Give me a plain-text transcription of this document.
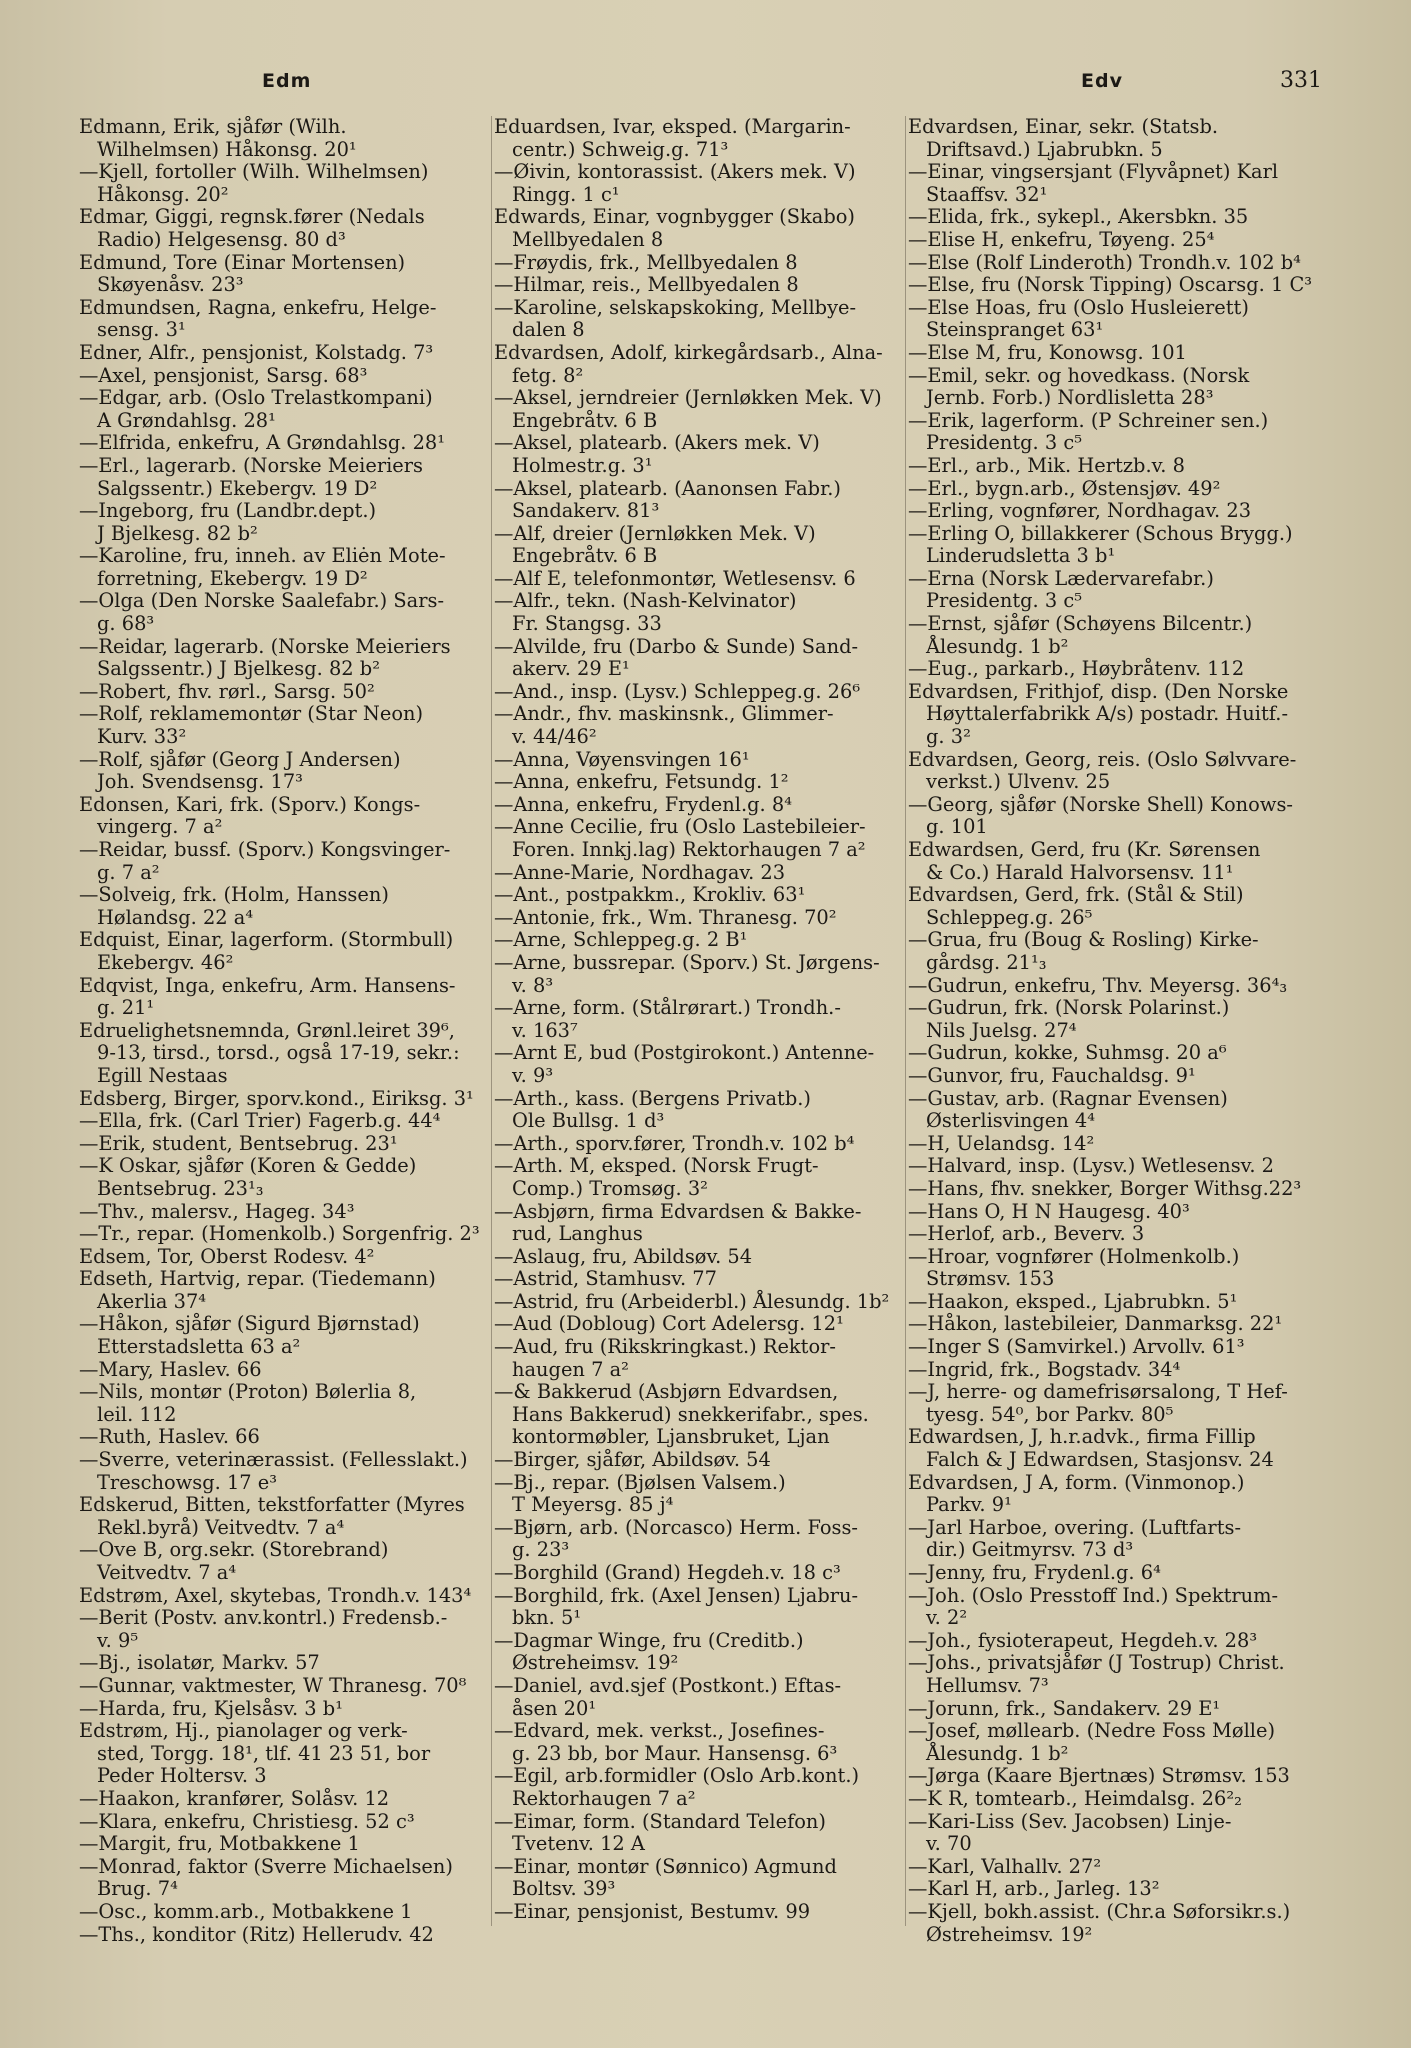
Edm	Edv	331
Edmann, Erik, sjåfør (Wilh.
Wilhelmsen) Håkonsg. 20¹
—Kjell, fortoller (Wilh. Wilhelmsen)
Håkonsg. 20²
Edmar, Giggi, regnsk.fører (Nedals
Radio) Helgesensg. 80 d³
Edmund, Tore (Einar Mortensen)
Skøyenåsv. 23³
Edmundsen, Ragna, enkefru, Helge-
sensg. 3¹
Edner, Alfr., pensjonist, Kolstadg. 7³
—Axel, pensjonist, Sarsg. 68³
—Edgar, arb. (Oslo Trelastkompani)
A Grøndahlsg. 28¹
—Elfrida, enkefru, A Grøndahlsg. 28¹
—Erl., lagerarb. (Norske Meieriers
Salgssentr.) Ekebergv. 19 D²
—Ingeborg, fru (Landbr.dept.)
J Bjelkesg. 82 b²
—Karoline, fru, inneh. av Eliėn Mote-
forretning, Ekebergv. 19 D²
—Olga (Den Norske Saalefabr.) Sars-
g. 68³
—Reidar, lagerarb. (Norske Meieriers
Salgssentr.) J Bjelkesg. 82 b²
—Robert, fhv. rørl., Sarsg. 50²
—Rolf, reklamemontør (Star Neon)
Kurv. 33²
—Rolf, sjåfør (Georg J Andersen)
Joh. Svendsensg. 17³
Edonsen, Kari, frk. (Sporv.) Kongs-
vingerg. 7 a²
—Reidar, bussf. (Sporv.) Kongsvinger-
g. 7 a²
—Solveig, frk. (Holm, Hanssen)
Hølandsg. 22 a⁴
Edquist, Einar, lagerform. (Stormbull)
Ekebergv. 46²
Edqvist, Inga, enkefru, Arm. Hansens-
g. 21¹
Edruelighetsnemnda, Grønl.leiret 39⁶,
9-13, tirsd., torsd., også 17-19, sekr.:
Egill Nestaas
Edsberg, Birger, sporv.kond., Eiriksg. 3¹
—Ella, frk. (Carl Trier) Fagerb.g. 44⁴
—Erik, student, Bentsebrug. 23¹
—K Oskar, sjåfør (Koren & Gedde)
Bentsebrug. 23¹₃
—Thv., malersv., Hageg. 34³
—Tr., repar. (Homenkolb.) Sorgenfrig. 2³
Edsem, Tor, Oberst Rodesv. 4²
Edseth, Hartvig, repar. (Tiedemann)
Akerlia 37⁴
—Håkon, sjåfør (Sigurd Bjørnstad)
Etterstadsletta 63 a²
—Mary, Haslev. 66
—Nils, montør (Proton) Bølerlia 8,
leil. 112
—Ruth, Haslev. 66
—Sverre, veterinærassist. (Fellesslakt.)
Treschowsg. 17 e³
Edskerud, Bitten, tekstforfatter (Myres
Rekl.byrå) Veitvedtv. 7 a⁴
—Ove B, org.sekr. (Storebrand)
Veitvedtv. 7 a⁴
Edstrøm, Axel, skytebas, Trondh.v. 143⁴
—Berit (Postv. anv.kontrl.) Fredensb.-
v. 9⁵
—Bj., isolatør, Markv. 57
—Gunnar, vaktmester, W Thranesg. 70⁸
—Harda, fru, Kjelsåsv. 3 b¹
Edstrøm, Hj., pianolager og verk-
sted, Torgg. 18¹, tlf. 41 23 51, bor
Peder Holtersv. 3
—Haakon, kranfører, Solåsv. 12
—Klara, enkefru, Christiesg. 52 c³
—Margit, fru, Motbakkene 1
—Monrad, faktor (Sverre Michaelsen)
Brug. 7⁴
—Osc., komm.arb., Motbakkene 1
—Ths., konditor (Ritz) Hellerudv. 42
Eduardsen, Ivar, eksped. (Margarin-
centr.) Schweig.g. 71³
—Øivin, kontorassist. (Akers mek. V)
Ringg. 1 c¹
Edwards, Einar, vognbygger (Skabo)
Mellbyedalen 8
—Frøydis, frk., Mellbyedalen 8
—Hilmar, reis., Mellbyedalen 8
—Karoline, selskapskoking, Mellbye-
dalen 8
Edvardsen, Adolf, kirkegårdsarb., Alna-
fetg. 8²
—Aksel, jerndreier (Jernløkken Mek. V)
Engebråtv. 6 B
—Aksel, platearb. (Akers mek. V)
Holmestr.g. 3¹
—Aksel, platearb. (Aanonsen Fabr.)
Sandakerv. 81³
—Alf, dreier (Jernløkken Mek. V)
Engebråtv. 6 B
—Alf E, telefonmontør, Wetlesensv. 6
—Alfr., tekn. (Nash-Kelvinator)
Fr. Stangsg. 33
—Alvilde, fru (Darbo & Sunde) Sand-
akerv. 29 E¹
—And., insp. (Lysv.) Schleppeg.g. 26⁶
—Andr., fhv. maskinsnk., Glimmer-
v. 44/46²
—Anna, Vøyensvingen 16¹
—Anna, enkefru, Fetsundg. 1²
—Anna, enkefru, Frydenl.g. 8⁴
—Anne Cecilie, fru (Oslo Lastebileier-
Foren. Innkj.lag) Rektorhaugen 7 a²
—Anne-Marie, Nordhagav. 23
—Ant., postpakkm., Krokliv. 63¹
—Antonie, frk., Wm. Thranesg. 70²
—Arne, Schleppeg.g. 2 B¹
—Arne, bussrepar. (Sporv.) St. Jørgens-
v. 8³
—Arne, form. (Stålrørart.) Trondh.-
v. 163⁷
—Arnt E, bud (Postgirokont.) Antenne-
v. 9³
—Arth., kass. (Bergens Privatb.)
Ole Bullsg. 1 d³
—Arth., sporv.fører, Trondh.v. 102 b⁴
—Arth. M, eksped. (Norsk Frugt-
Comp.) Tromsøg. 3²
—Asbjørn, firma Edvardsen & Bakke-
rud, Langhus
—Aslaug, fru, Abildsøv. 54
—Astrid, Stamhusv. 77
—Astrid, fru (Arbeiderbl.) Ålesundg. 1b²
—Aud (Dobloug) Cort Adelersg. 12¹
—Aud, fru (Rikskringkast.) Rektor-
haugen 7 a²
—& Bakkerud (Asbjørn Edvardsen,
Hans Bakkerud) snekkerifabr., spes.
kontormøbler, Ljansbruket, Ljan
—Birger, sjåfør, Abildsøv. 54
—Bj., repar. (Bjølsen Valsem.)
T Meyersg. 85 j⁴
—Bjørn, arb. (Norcasco) Herm. Foss-
g. 23³
—Borghild (Grand) Hegdeh.v. 18 c³
—Borghild, frk. (Axel Jensen) Ljabru-
bkn. 5¹
—Dagmar Winge, fru (Creditb.)
Østreheimsv. 19²
—Daniel, avd.sjef (Postkont.) Eftas-
åsen 20¹
—Edvard, mek. verkst., Josefines-
g. 23 bb, bor Maur. Hansensg. 6³
—Egil, arb.formidler (Oslo Arb.kont.)
Rektorhaugen 7 a²
—Eimar, form. (Standard Telefon)
Tvetenv. 12 A
—Einar, montør (Sønnico) Agmund
Boltsv. 39³
—Einar, pensjonist, Bestumv. 99
Edvardsen, Einar, sekr. (Statsb.
Driftsavd.) Ljabrubkn. 5
—Einar, vingsersjant (Flyvåpnet) Karl
Staaffsv. 32¹
—Elida, frk., sykepl., Akersbkn. 35
—Elise H, enkefru, Tøyeng. 25⁴
—Else (Rolf Linderoth) Trondh.v. 102 b⁴
—Else, fru (Norsk Tipping) Oscarsg. 1 C³
—Else Hoas, fru (Oslo Husleierett)
Steinspranget 63¹
—Else M, fru, Konowsg. 101
—Emil, sekr. og hovedkass. (Norsk
Jernb. Forb.) Nordlisletta 28³
—Erik, lagerform. (P Schreiner sen.)
Presidentg. 3 c⁵
—Erl., arb., Mik. Hertzb.v. 8
—Erl., bygn.arb., Østensjøv. 49²
—Erling, vognfører, Nordhagav. 23
—Erling O, billakkerer (Schous Brygg.)
Linderudsletta 3 b¹
—Erna (Norsk Lædervarefabr.)
Presidentg. 3 c⁵
—Ernst, sjåfør (Schøyens Bilcentr.)
Ålesundg. 1 b²
—Eug., parkarb., Høybråtenv. 112
Edvardsen, Frithjof, disp. (Den Norske
Høyttalerfabrikk A/s) postadr. Huitf.-
g. 3²
Edvardsen, Georg, reis. (Oslo Sølvvare-
verkst.) Ulvenv. 25
—Georg, sjåfør (Norske Shell) Konows-
g. 101
Edwardsen, Gerd, fru (Kr. Sørensen
& Co.) Harald Halvorsensv. 11¹
Edvardsen, Gerd, frk. (Stål & Stil)
Schleppeg.g. 26⁵
—Grua, fru (Boug & Rosling) Kirke-
gårdsg. 21¹₃
—Gudrun, enkefru, Thv. Meyersg. 36⁴₃
—Gudrun, frk. (Norsk Polarinst.)
Nils Juelsg. 27⁴
—Gudrun, kokke, Suhmsg. 20 a⁶
—Gunvor, fru, Fauchaldsg. 9¹
—Gustav, arb. (Ragnar Evensen)
Østerlisvingen 4⁴
—H, Uelandsg. 14²
—Halvard, insp. (Lysv.) Wetlesensv. 2
—Hans, fhv. snekker, Borger Withsg.22³
—Hans O, H N Haugesg. 40³
—Herlof, arb., Beverv. 3
—Hroar, vognfører (Holmenkolb.)
Strømsv. 153
—Haakon, eksped., Ljabrubkn. 5¹
—Håkon, lastebileier, Danmarksg. 22¹
—Inger S (Samvirkel.) Arvollv. 61³
—Ingrid, frk., Bogstadv. 34⁴
—J, herre- og damefrisørsalong, T Hef-
tyesg. 54⁰, bor Parkv. 80⁵
Edwardsen, J, h.r.advk., firma Fillip
Falch & J Edwardsen, Stasjonsv. 24
Edvardsen, J A, form. (Vinmonop.)
Parkv. 9¹
—Jarl Harboe, overing. (Luftfarts-
dir.) Geitmyrsv. 73 d³
—Jenny, fru, Frydenl.g. 6⁴
—Joh. (Oslo Presstoff Ind.) Spektrum-
v. 2²
—Joh., fysioterapeut, Hegdeh.v. 28³
—Johs., privatsjåfør (J Tostrup) Christ.
Hellumsv. 7³
—Jorunn, frk., Sandakerv. 29 E¹
—Josef, møllearb. (Nedre Foss Mølle)
Ålesundg. 1 b²
—Jørga (Kaare Bjertnæs) Strømsv. 153
—K R, tomtearb., Heimdalsg. 26²₂
—Kari-Liss (Sev. Jacobsen) Linje-
v. 70
—Karl, Valhallv. 27²
—Karl H, arb., Jarleg. 13²
—Kjell, bokh.assist. (Chr.a Søforsikr.s.)
Østreheimsv. 19²
